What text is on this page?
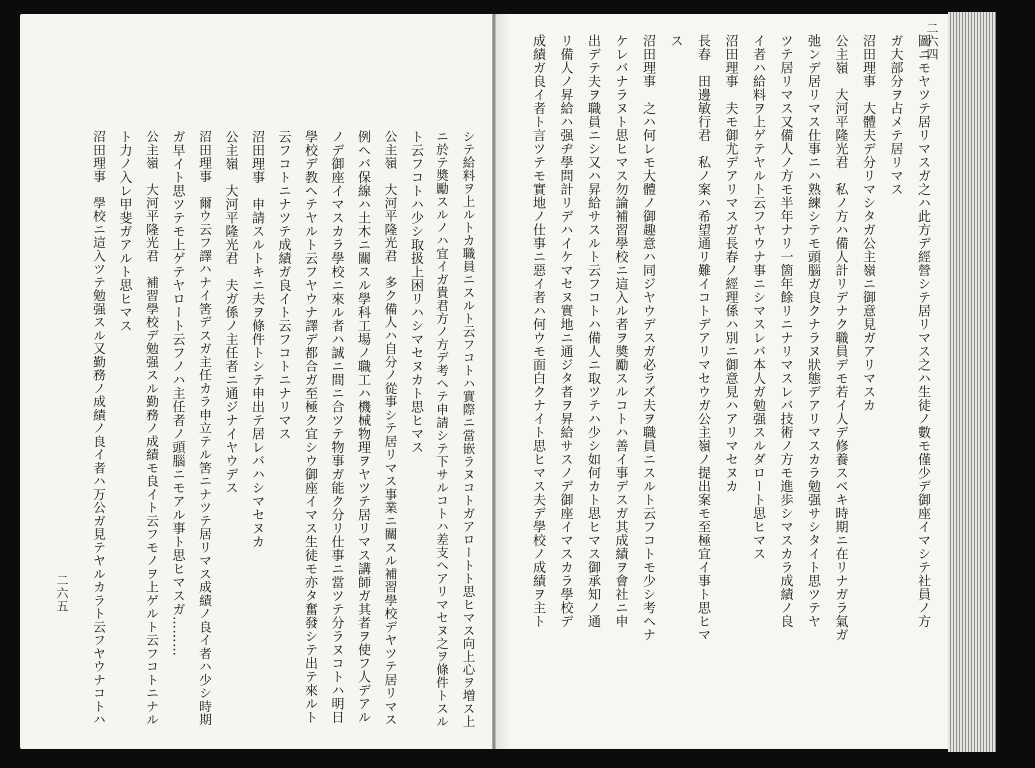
二六五	シテ給料ヲ上ルトカ職員ニスルト云フコトハ實際ニ當嵌ラヌコトガアロートト思ヒマス向上心ヲ増ス上
ニ於テ奬勵スルノハ宜イガ貴君方ノ方デ考ヘテ申請シテ下サルコトハ差支ヘアリマセヌ之ヲ條件トスル
ト云フコトハ少シ取扱上困リハシマセヌカト思ヒマス
公主嶺　大河平隆光君　多ク備人ハ自分ノ從事シテ居リマス事業ニ關スル補習學校デヤツテ居リマス
例ヘバ保線ハ土木ニ關スル學科工場ノ職工ハ機械物理ヲヤツテ居リマス講師ガ其者ヲ使フ人デアル
ノデ御座イマスカラ學校ニ來ル者ハ誠ニ間ニ合ツテ物事ガ能ク分リ仕事ニ當ツテ分ラヌコトハ明日
學校デ教ヘテヤルト云フヤウナ譯デ都合ガ至極ク宜シウ御座イマス生徒モ亦タ奮發シテ出テ來ルト
云フコトニナツテ成績ガ良イト云フコトニナリマス
沼田理事　申請スルトキニ夫ヲ條件トシテ申出テ居レバハシマセヌカ
公主嶺　大河平隆光君　夫ガ係ノ主任者ニ通ジナイヤウデス
沼田理事　爾ウ云フ譯ハナイ筈デスガ主任カラ申立テル筈ニナツテ居リマス成績ノ良イ者ハ少シ時期
ガ早イト思ツテモ上ゲテヤロート云フノハ主任者ノ頭腦ニモアル事ト思ヒマスガ………
公主嶺　大河平隆光君　補習學校デ勉强スル勤務ノ成績モ良イト云フモノヲ上ゲルト云フコトニナル
ト力ノ入レ甲斐ガアルト思ヒマス
沼田理事　學校ニ這入ツテ勉强スル又勤務ノ成績ノ良イ者ハ万公ガ見テヤルカラト云フヤウナコトハ
二六四
圖ニモヤツテ居リマスガ之ハ此方デ經營シテ居リマス之ハ生徒ノ數モ僅少デ御座イマシテ社員ノ方
ガ大部分ヲ占メテ居リマス
沼田理事　大體夫デ分リマシタガ公主嶺ニ御意見ガアリマスカ
公主嶺　大河平隆光君　私ノ方ハ備人計リデナク職員デモ若イ人デ修養スベキ時期ニ在リナガラ氣ガ
弛ンデ居リマス仕事ニハ熟練シテモ頭腦ガ良クナラヌ狀態デアリマスカラ勉强サシタイト思ツテヤ
ツテ居リマス又備人ノ方モ半年ナリ一箇年餘リニナリマスレバ技術ノ方モ進歩シマスカラ成績ノ良
イ者ハ給料ヲ上ゲテヤルト云フヤウナ事ニシマスレバ本人ガ勉强スルダロート思ヒマス
沼田理事　夫モ御尤デアリマスガ長春ノ經理係ハ別ニ御意見ハアリマセヌカ
長春　田邊敏行君　私ノ案ハ希望通リ難イコトデアリマセウガ公主嶺ノ提出案モ至極宜イ事ト思ヒマ
ス
沼田理事　之ハ何レモ大體ノ御趣意ハ同ジヤウデスガ必ラズ夫ヲ職員ニスルト云フコトモ少シ考ヘナ
ケレバナラヌト思ヒマス勿論補習學校ニ這入ル者ヲ奬勵スルコトハ善イ事デスガ其成績ヲ會社ニ申
出デテ夫ヲ職員ニシ又ハ昇給サスルト云フコトハ備人ニ取ツテハ少シ如何カト思ヒマス御承知ノ通
リ備人ノ昇給ハ强ヂ學問計リデハイケマセヌ實地ニ通ジタ者ヲ昇給サスノデ御座イマスカラ學校デ
成績ガ良イ者ト言ツテモ實地ノ仕事ニ惡イ者ハ何ウモ面白クナイト思ヒマス夫デ學校ノ成績ヲ主ト
